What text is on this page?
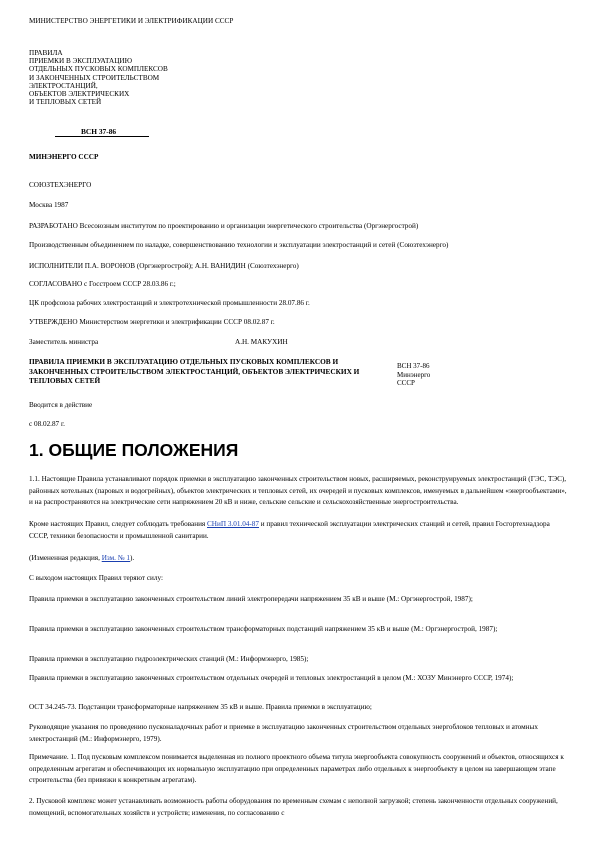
МИНИСТЕРСТВО ЭНЕРГЕТИКИ И ЭЛЕКТРИФИКАЦИИ СССР
ПРАВИЛА
ПРИЕМКИ В ЭКСПЛУАТАЦИЮ
ОТДЕЛЬНЫХ ПУСКОВЫХ КОМПЛЕКСОВ
И ЗАКОНЧЕННЫХ СТРОИТЕЛЬСТВОМ
ЭЛЕКТРОСТАНЦИЙ,
ОБЪЕКТОВ ЭЛЕКТРИЧЕСКИХ
И ТЕПЛОВЫХ СЕТЕЙ
ВСН 37-86
МИНЭНЕРГО СССР
СОЮЗТЕХЭНЕРГО
Москва 1987
РАЗРАБОТАНО Всесоюзным институтом по проектированию и организации энергетического строительства (Оргэнергострой)
Производственным объединением по наладке, совершенствованию технологии и эксплуатации электростанций и сетей (Союзтехэнерго)
ИСПОЛНИТЕЛИ П.А. ВОРОНОВ (Оргэнергострой); А.Н. ВАНИДИН (Союзтехэнерго)
СОГЛАСОВАНО с Госстроем СССР 28.03.86 г.;
ЦК профсоюза рабочих электростанций и электротехнической промышленности 28.07.86 г.
УТВЕРЖДЕНО Министерством энергетики и электрификации СССР 08.02.87 г.
Заместитель министра	А.Н. МАКУХИН
ПРАВИЛА ПРИЕМКИ В ЭКСПЛУАТАЦИЮ ОТДЕЛЬНЫХ ПУСКОВЫХ КОМПЛЕКСОВ И ЗАКОНЧЕННЫХ СТРОИТЕЛЬСТВОМ ЭЛЕКТРОСТАНЦИЙ, ОБЪЕКТОВ ЭЛЕКТРИЧЕСКИХ И ТЕПЛОВЫХ СЕТЕЙ
ВСН 37-86
Минэнерго СССР
Вводится в действие
с 08.02.87 г.
1. ОБЩИЕ ПОЛОЖЕНИЯ
1.1. Настоящие Правила устанавливают порядок приемки в эксплуатацию законченных строительством новых, расширяемых, реконструируемых электростанций (ГЭС, ТЭС), районных котельных (паровых и водогрейных), объектов электрических и тепловых сетей, их очередей и пусковых комплексов, именуемых в дальнейшем «энергообъектами», и на распространяются на электрические сети напряжением 20 кВ и ниже, сельские сельские и сельскохозяйственные энергостроительства.
Кроме настоящих Правил, следует соблюдать требования СНиП 3.01.04-87 и правил технической эксплуатации электрических станций и сетей, правил Госгортехнадзора СССР, техники безопасности и промышленной санитарии.
(Измененная редакция, Изм. № 1).
С выходом настоящих Правил теряют силу:
Правила приемки в эксплуатацию законченных строительством линий электропередачи напряжением 35 кВ и выше (М.: Оргэнергострой, 1987);
Правила приемки в эксплуатацию законченных строительством трансформаторных подстанций напряжением 35 кВ и выше (М.: Оргэнергострой, 1987);
Правила приемки в эксплуатацию гидроэлектрических станций (М.: Информэнерго, 1985);
Правила приемки в эксплуатацию законченных строительством отдельных очередей и тепловых электростанций в целом (М.: ХОЗУ Минэнерго СССР, 1974);
ОСТ 34.245-73. Подстанции трансформаторные напряжением 35 кВ и выше. Правила приемки в эксплуатацию;
Руководящие указания по проведению пусконаладочных работ и приемке в эксплуатацию законченных строительством отдельных энергоблоков тепловых и атомных электростанций (М.: Информэнерго, 1979).
Примечание. 1. Под пусковым комплексом понимается выделенная из полного проектного объема титула энергообъекта совокупность сооружений и объектов, относящихся к определенным агрегатам и обеспечивающих их нормальную эксплуатацию при определенных параметрах либо отдельных к энергообъекту в целом на завершающем этапе строительства (без привязки к конкретным агрегатам).
2. Пусковой комплекс может устанавливать возможность работы оборудования по временным схемам с неполной загрузкой; степень законченности отдельных сооружений, помещений, вспомогательных хозяйств и устройств; изменения, по согласованию с
